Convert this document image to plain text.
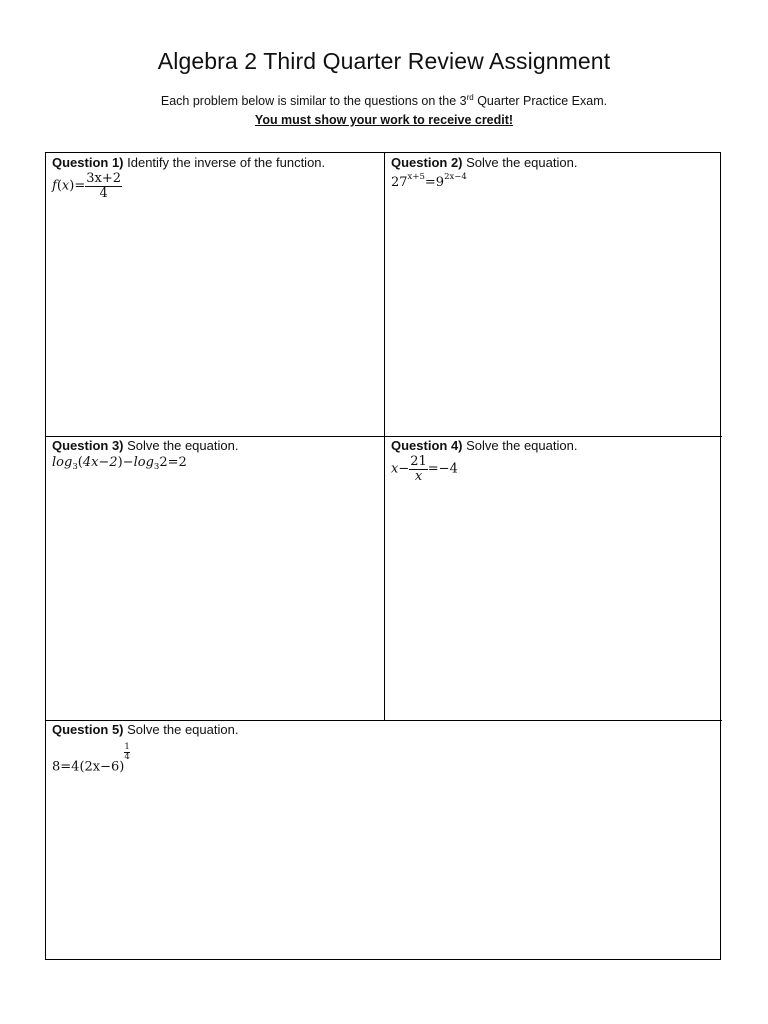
Algebra 2 Third Quarter Review Assignment
Each problem below is similar to the questions on the 3rd Quarter Practice Exam.
You must show your work to receive credit!
Question 1) Identify the inverse of the function.
$f(x)= \frac{3x+2}{4}$
Question 2) Solve the equation.
$27^{x+5}=9^{2x-4}$
Question 3) Solve the equation.
$\log_3(4x-2)-\log_32=2$
Question 4) Solve the equation.
$x- \frac{21}{x} =-4$
Question 5) Solve the equation.
8=4(2x−6)
$\frac{1}{4}$
